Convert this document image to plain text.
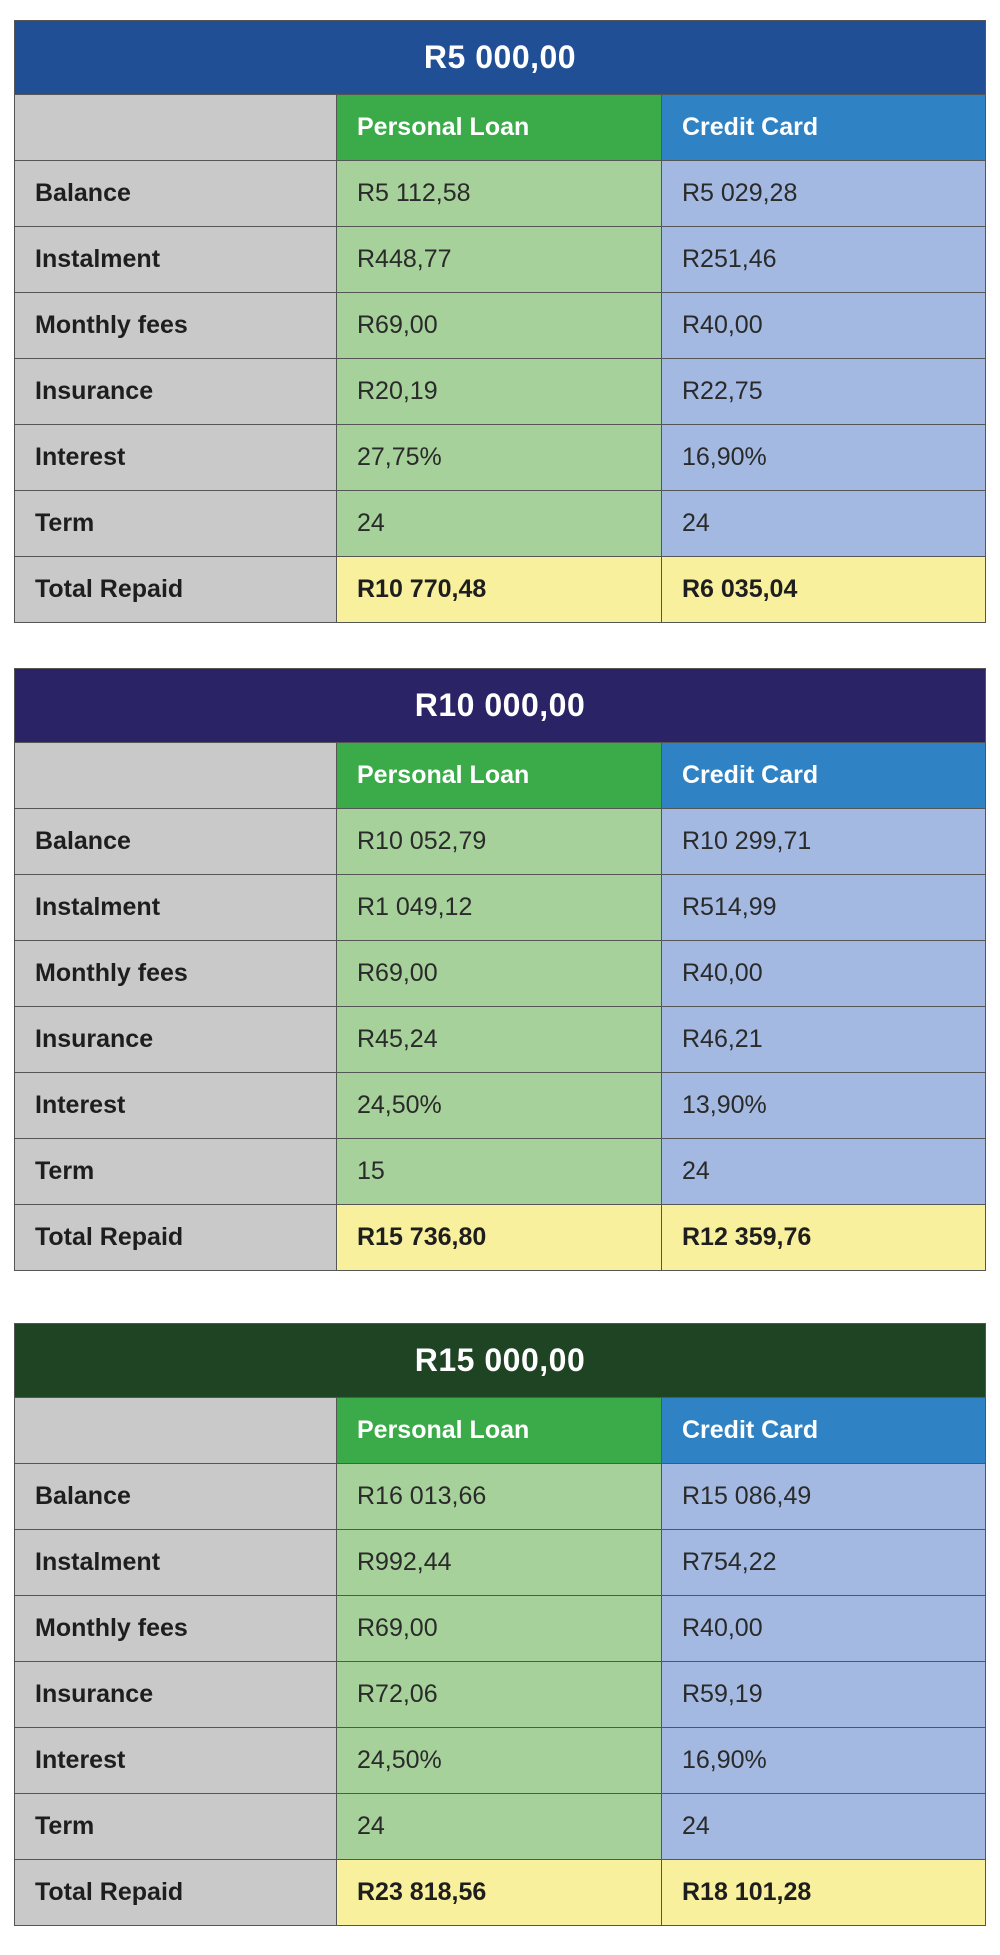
R5 000,00		
	Personal Loan	Credit Card
Balance	R5 112,58	R5 029,28
Instalment	R448,77	R251,46
Monthly fees	R69,00	R40,00
Insurance	R20,19	R22,75
Interest	27,75%	16,90%
Term	24	24
Total Repaid	R10 770,48	R6 035,04
R10 000,00		
	Personal Loan	Credit Card
Balance	R10 052,79	R10 299,71
Instalment	R1 049,12	R514,99
Monthly fees	R69,00	R40,00
Insurance	R45,24	R46,21
Interest	24,50%	13,90%
Term	15	24
Total Repaid	R15 736,80	R12 359,76
R15 000,00		
	Personal Loan	Credit Card
Balance	R16 013,66	R15 086,49
Instalment	R992,44	R754,22
Monthly fees	R69,00	R40,00
Insurance	R72,06	R59,19
Interest	24,50%	16,90%
Term	24	24
Total Repaid	R23 818,56	R18 101,28
